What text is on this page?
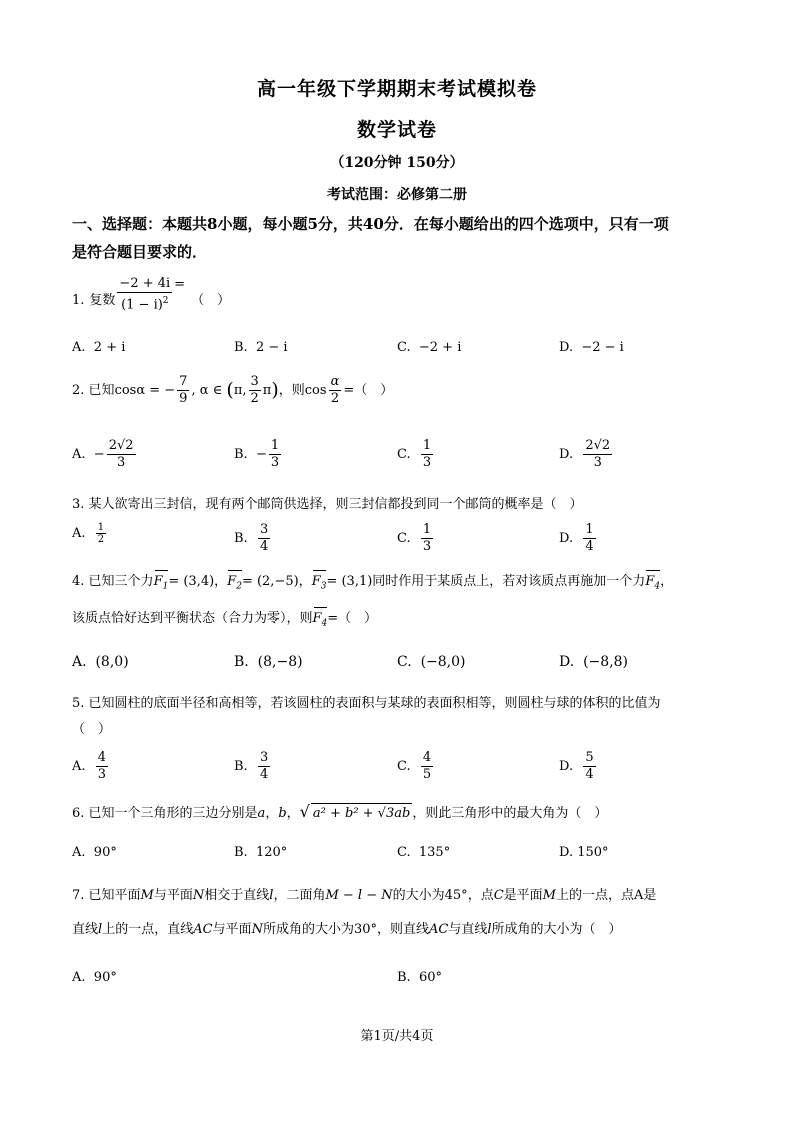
高一年级下学期期末考试模拟卷
数学试卷
（120分钟 150分）
考试范围：必修第二册
一、选择题：本题共8小题，每小题5分，共40分．在每小题给出的四个选项中，只有一项
是符合题目要求的．
1. 复数 $\frac{-2 + 4i}{(1 - i)^2}$ =
（　）
A. 2 + i	B. 2 − i	C. −2 + i	D. −2 − i
2. 已知cosα = − $\frac{7}{9}$ , α ∈ (π, $\frac{3}{2} \pi$)，则$\cos \frac{\alpha}{2}$ =（　）
A. − $\frac{2√2}{3}$	B. − $\frac{1}{3}$	C. $\frac{1}{3}$	D. $\frac{2√2}{3}$
3. 某人欲寄出三封信，现有两个邮筒供选择，则三封信都投到同一个邮筒的概率是（　）
A. $\frac{1}{2}$	B. $\frac{3}{4}$	C. $\frac{1}{3}$	D. $\frac{1}{4}$
4. 已知三个力$F_1= (3,4)$，$F_2= (2,-5)$，$F_3= (3,1)$同时作用于某质点上，若对该质点再施加一个力$F_4$，
该质点恰好达到平衡状态（合力为零），则$F_4=$（　）
A. (8,0)	B. (8,−8)	C. (−8,0)	D. (−8,8)
5. 已知圆柱的底面半径和高相等，若该圆柱的表面积与某球的表面积相等，则圆柱与球的体积的比值为
（　）
A. $\frac{4}{3}$	B. $\frac{3}{4}$	C. $\frac{4}{5}$	D. $\frac{5}{4}$
6. 已知一个三角形的三边分别是a，b，√ a² + b² + √3ab ，则此三角形中的最大角为（　）
A. 90°	B. 120°	C. 135°	D. 150°
7. 已知平面M与平面N相交于直线l，二面角M − l − N的大小为45°，点C是平面M上的一点，点A是
直线l上的一点，直线AC与平面N所成角的大小为30°，则直线AC与直线l所成角的大小为（　）
A. 90°	B. 60°
第1页/共4页
